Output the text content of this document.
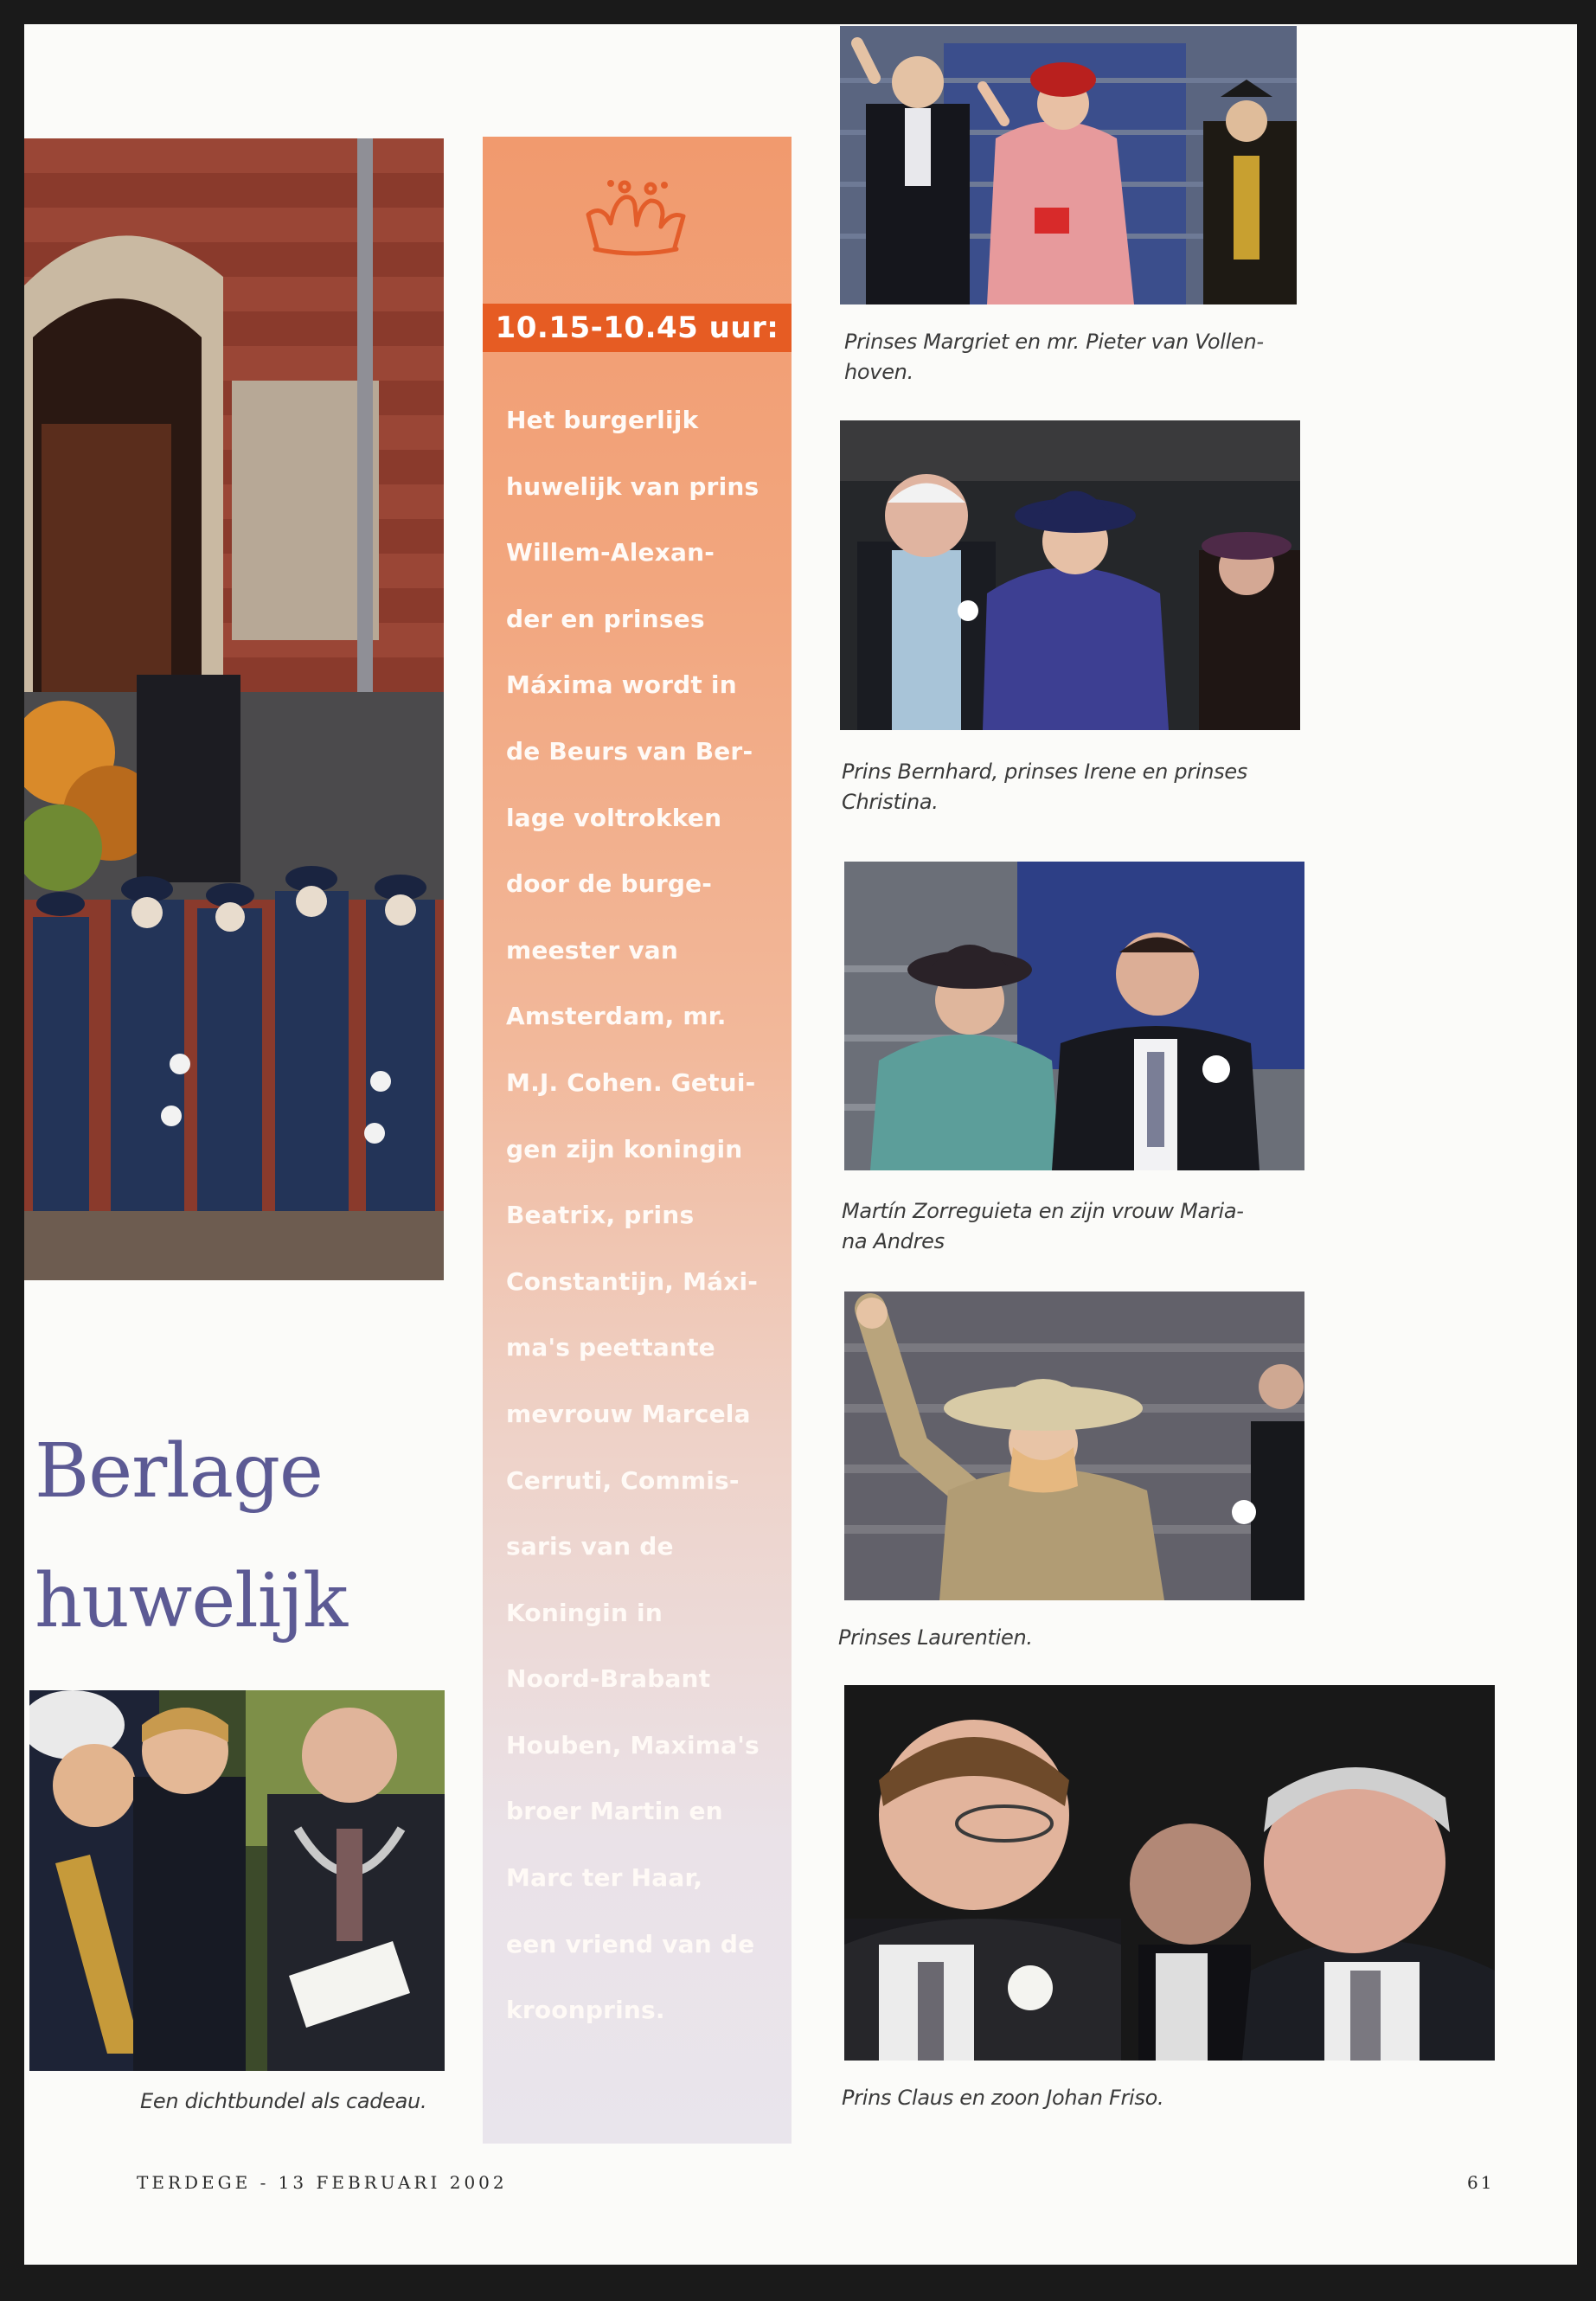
Berlage
huwelijk
Een dichtbundel als cadeau.
10.15-10.45 uur:
Het burgerlijk
huwelijk van prins
Willem-Alexan-
der en prinses
Máxima wordt in
de Beurs van Ber-
lage voltrokken
door de burge-
meester van
Amsterdam, mr.
M.J. Cohen. Getui-
gen zijn koningin
Beatrix, prins
Constantijn, Máxi-
ma's peettante
mevrouw Marcela
Cerruti, Commis-
saris van de
Koningin in
Noord-Brabant
Houben, Maxima's
broer Martin en
Marc ter Haar,
een vriend van de
kroonprins.
Prinses Margriet en mr. Pieter van Vollen-
hoven.
Prins Bernhard, prinses Irene en prinses
Christina.
Martín Zorreguieta en zijn vrouw Maria-
na Andres
Prinses Laurentien.
Prins Claus en zoon Johan Friso.
TERDEGE - 13 FEBRUARI 2002	61
